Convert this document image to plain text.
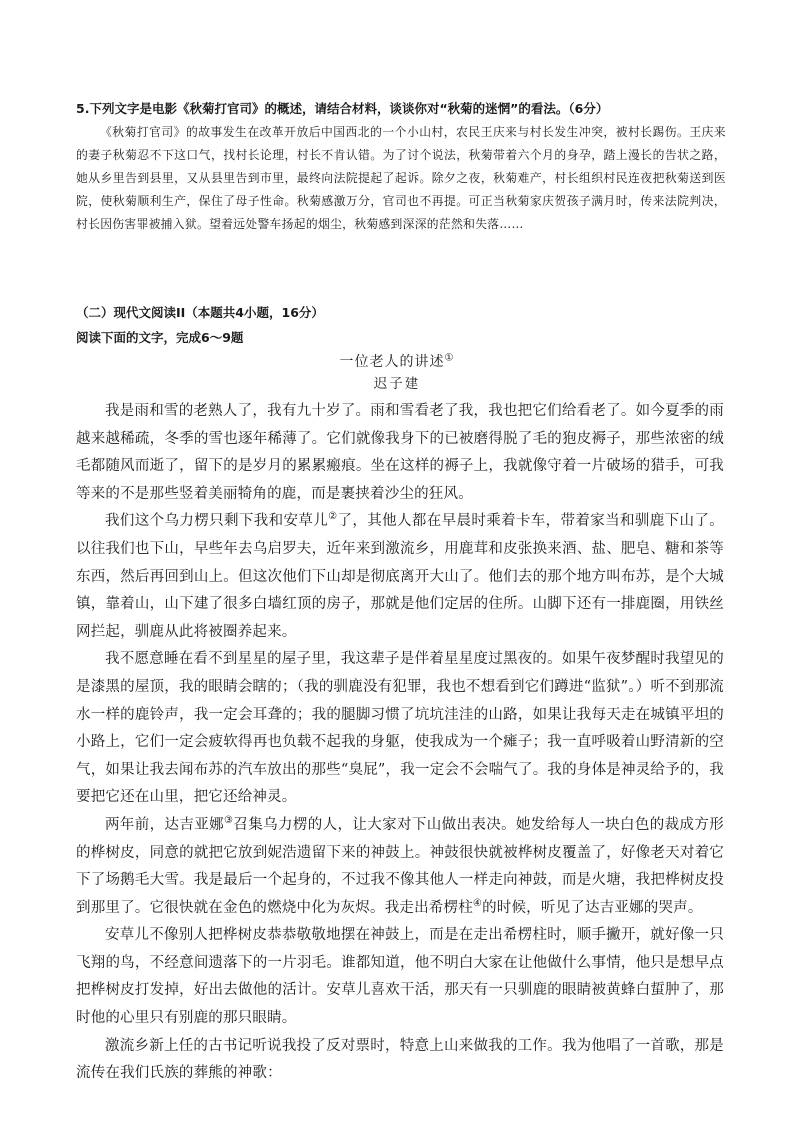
5.下列文字是电影《秋菊打官司》的概述，请结合材料，谈谈你对“秋菊的迷惘”的看法。（6分）
《秋菊打官司》的故事发生在改革开放后中国西北的一个小山村，农民王庆来与村长发生冲突，被村长踢伤。王庆来的妻子秋菊忍不下这口气，找村长论理，村长不肯认错。为了讨个说法，秋菊带着六个月的身孕，踏上漫长的告状之路，她从乡里告到县里，又从县里告到市里，最终向法院提起了起诉。除夕之夜，秋菊难产，村长组织村民连夜把秋菊送到医院，使秋菊顺利生产，保住了母子性命。秋菊感激万分，官司也不再提。可正当秋菊家庆贺孩子满月时，传来法院判决，村长因伤害罪被捕入狱。望着远处警车扬起的烟尘，秋菊感到深深的茫然和失落……
（二）现代文阅读II（本题共4小题，16分）
阅读下面的文字，完成6～9题
一位老人的讲述①
迟子建

我是雨和雪的老熟人了，我有九十岁了。雨和雪看老了我，我也把它们给看老了。如今夏季的雨越来越稀疏，冬季的雪也逐年稀薄了。它们就像我身下的已被磨得脱了毛的狍皮褥子，那些浓密的绒毛都随风而逝了，留下的是岁月的累累瘢痕。坐在这样的褥子上，我就像守着一片破场的猎手，可我等来的不是那些竖着美丽犄角的鹿，而是裹挟着沙尘的狂风。

我们这个乌力楞只剩下我和安草儿②了，其他人都在早晨时乘着卡车，带着家当和驯鹿下山了。以往我们也下山，早些年去乌启罗夫，近年来到激流乡，用鹿茸和皮张换来酒、盐、肥皂、糖和茶等东西，然后再回到山上。但这次他们下山却是彻底离开大山了。他们去的那个地方叫布苏，是个大城镇，靠着山，山下建了很多白墙红顶的房子，那就是他们定居的住所。山脚下还有一排鹿圈，用铁丝网拦起，驯鹿从此将被圈养起来。

我不愿意睡在看不到星星的屋子里，我这辈子是伴着星星度过黑夜的。如果午夜梦醒时我望见的是漆黑的屋顶，我的眼睛会瞎的；（我的驯鹿没有犯罪，我也不想看到它们蹲进“监狱”。）听不到那流水一样的鹿铃声，我一定会耳聋的；我的腿脚习惯了坑坑洼洼的山路，如果让我每天走在城镇平坦的小路上，它们一定会疲软得再也负载不起我的身躯，使我成为一个瘫子；我一直呼吸着山野清新的空气，如果让我去闻布苏的汽车放出的那些“臭屁”，我一定会不会喘气了。我的身体是神灵给予的，我要把它还在山里，把它还给神灵。

两年前，达吉亚娜③召集乌力楞的人，让大家对下山做出表决。她发给每人一块白色的裁成方形的桦树皮，同意的就把它放到妮浩遗留下来的神鼓上。神鼓很快就被桦树皮覆盖了，好像老天对着它下了场鹅毛大雪。我是最后一个起身的，不过我不像其他人一样走向神鼓，而是火塘，我把桦树皮投到那里了。它很快就在金色的燃烧中化为灰烬。我走出希楞柱④的时候，听见了达吉亚娜的哭声。

安草儿不像别人把桦树皮恭恭敬敬地摆在神鼓上，而是在走出希楞柱时，顺手撇开，就好像一只飞翔的鸟，不经意间遗落下的一片羽毛。谁都知道，他不明白大家在让他做什么事情，他只是想早点把桦树皮打发掉，好出去做他的活计。安草儿喜欢干活，那天有一只驯鹿的眼睛被黄蜂白蜇肿了，那时他的心里只有别鹿的那只眼睛。

激流乡新上任的古书记听说我投了反对票时，特意上山来做我的工作。我为他唱了一首歌，那是流传在我们氏族的葬熊的神歌：
